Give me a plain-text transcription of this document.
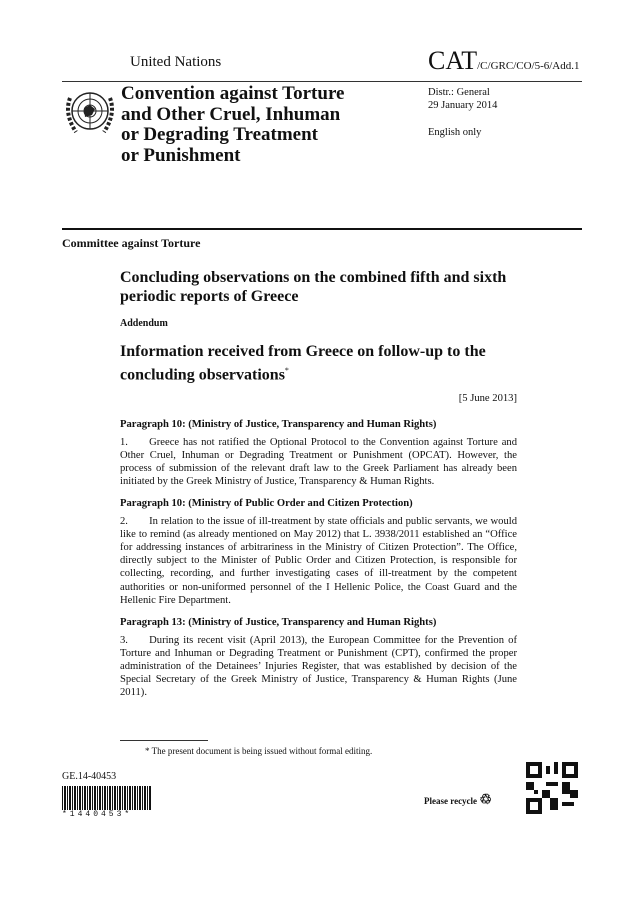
United Nations	CAT/C/GRC/CO/5-6/Add.1
Convention against Torture
and Other Cruel, Inhuman
or Degrading Treatment
or Punishment
Distr.: General
29 January 2014
English only
Committee against Torture
Concluding observations on the combined fifth and sixth periodic reports of Greece
Addendum
Information received from Greece on follow-up to the concluding observations*
[5 June 2013]
Paragraph 10: (Ministry of Justice, Transparency and Human Rights)

1.  Greece has not ratified the Optional Protocol to the Convention against Torture and Other Cruel, Inhuman or Degrading Treatment or Punishment (OPCAT). However, the process of submission of the relevant draft law to the Greek Parliament has already been initiated by the Greek Ministry of Justice, Transparency & Human Rights.

Paragraph 10: (Ministry of Public Order and Citizen Protection)

2.  In relation to the issue of ill-treatment by state officials and public servants, we would like to remind (as already mentioned on May 2012) that L. 3938/2011 established an “Office for addressing instances of arbitrariness in the Ministry of Citizen Protection”. The Office, directly subject to the Minister of Public Order and Citizen Protection, is responsible for collecting, recording, and further investigating cases of ill-treatment by the competent authorities or non-uniformed personnel of the I Hellenic Police, the Coast Guard and the Hellenic Fire Department.

Paragraph 13: (Ministry of Justice, Transparency and Human Rights)

3.  During its recent visit (April 2013), the European Committee for the Prevention of Torture and Inhuman or Degrading Treatment or Punishment (CPT), confirmed the proper administration of the Detainees’ Injuries Register, that was established by decision of the Special Secretary of the Greek Ministry of Justice, Transparency & Human Rights (June 2011).

* The present document is being issued without formal editing.
GE.14-40453
*1440453*
Please recycle ♲
